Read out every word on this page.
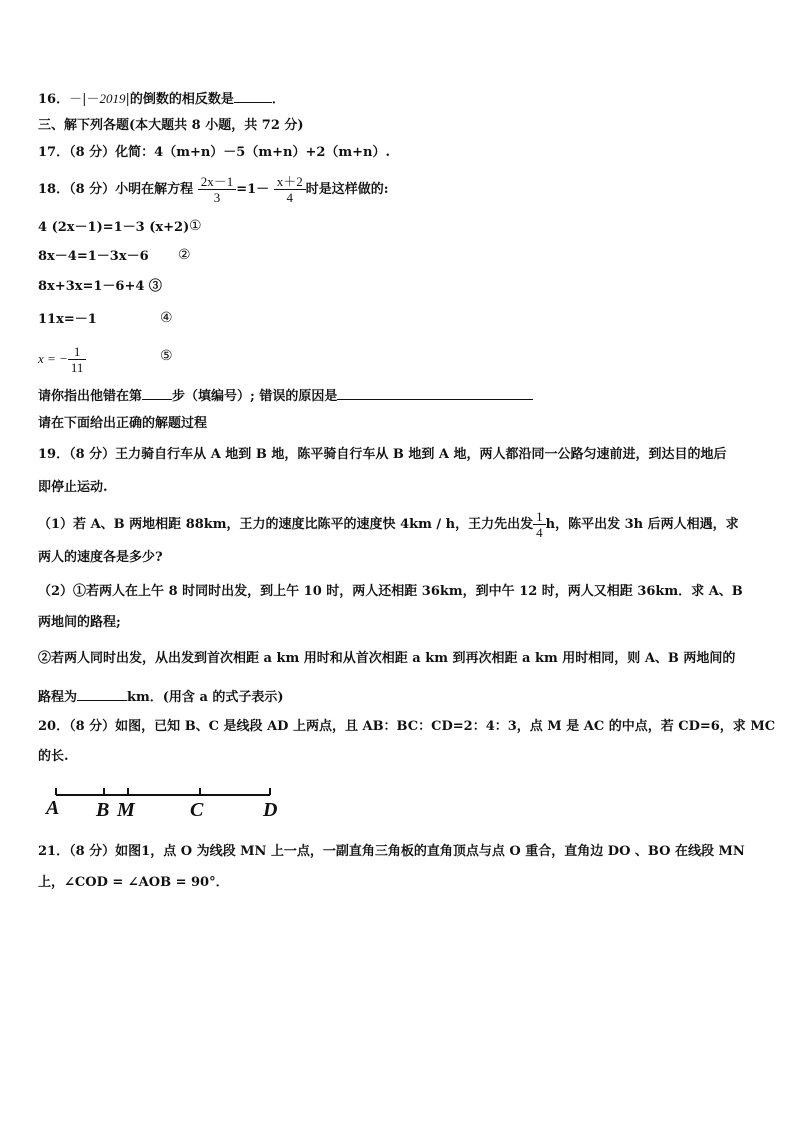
16．－|－2019|的倒数的相反数是	．
三、解下列各题(本大题共 8 小题，共 72 分)
17．（8 分）化简：4（m+n）－5（m+n）+2（m+n）.
18．（8 分）小明在解方程 $\frac{2x-1}{3} =1- \frac{x+2}{4}$ 时是这样做的:
4 (2x－1)=1－3 (x+2) ①
8x－4=1－3x－6 ②
8x+3x=1－6+4 ③
11x=－1	④
x = − $\frac{1}{11}$	⑤
请你指出他错在第 步（填编号）; 错误的原因是
请在下面给出正确的解题过程
19．（8 分）王力骑自行车从 A 地到 B 地，陈平骑自行车从 B 地到 A 地，两人都沿同一公路匀速前进，到达目的地后
即停止运动.
（1）若 A、B 两地相距 88km，王力的速度比陈平的速度快 4km / h，王力先出发 $\frac{1}{4}$ h，陈平出发 3h 后两人相遇，求
两人的速度各是多少?
（2）①若两人在上午 8 时同时出发，到上午 10 时，两人还相距 36km，到中午 12 时，两人又相距 36km．求 A、B
两地间的路程;
②若两人同时出发，从出发到首次相距 a km 用时和从首次相距 a km 到再次相距 a km 用时相同，则 A、B 两地间的
路程为	km．(用含 a 的式子表示)
20．（8 分）如图，已知 B、C 是线段 AD 上两点，且 AB：BC：CD=2：4：3，点 M 是 AC 的中点，若 CD=6，求 MC
的长.
A B M	C	D
21．（8 分）如图1，点 O 为线段 MN 上一点，一副直角三角板的直角顶点与点 O 重合，直角边 DO 、BO 在线段 MN
上，∠COD = ∠AOB = 90°．
